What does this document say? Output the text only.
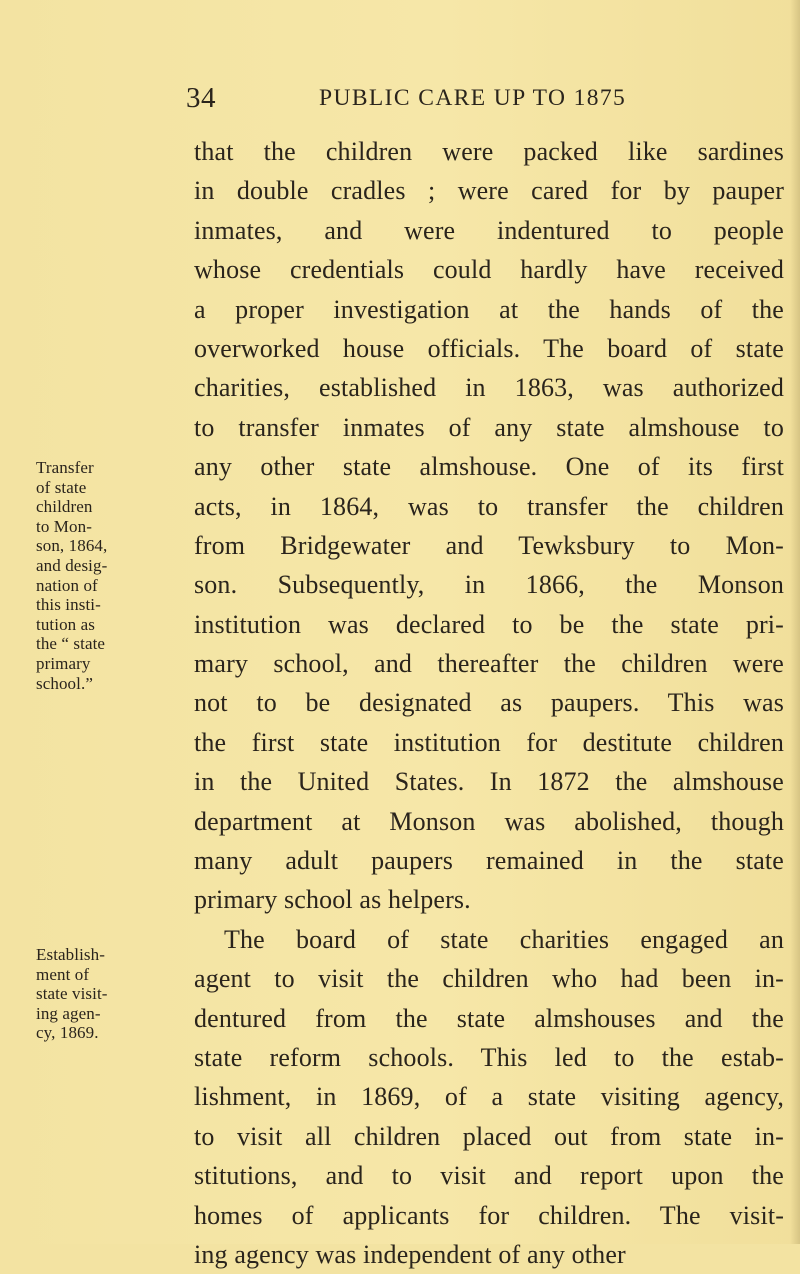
34	PUBLIC CARE UP TO 1875
that the children were packed like sardines
in double cradles ; were cared for by pauper
inmates, and were indentured to people
whose credentials could hardly have received
a proper investigation at the hands of the
overworked house officials. The board of state
charities, established in 1863, was authorized
to transfer inmates of any state almshouse to
any other state almshouse. One of its first
acts, in 1864, was to transfer the children
from Bridgewater and Tewksbury to Mon-
son. Subsequently, in 1866, the Monson
institution was declared to be the state pri-
mary school, and thereafter the children were
not to be designated as paupers. This was
the first state institution for destitute children
in the United States. In 1872 the almshouse
department at Monson was abolished, though
many adult paupers remained in the state
primary school as helpers.
The board of state charities engaged an
agent to visit the children who had been in-
dentured from the state almshouses and the
state reform schools. This led to the estab-
lishment, in 1869, of a state visiting agency,
to visit all children placed out from state in-
stitutions, and to visit and report upon the
homes of applicants for children. The visit-
ing agency was independent of any other
Transfer
of state
children
to Mon-
son, 1864,
and desig-
nation of
this insti-
tution as
the “ state
primary
school.”
Establish-
ment of
state visit-
ing agen-
cy, 1869.
